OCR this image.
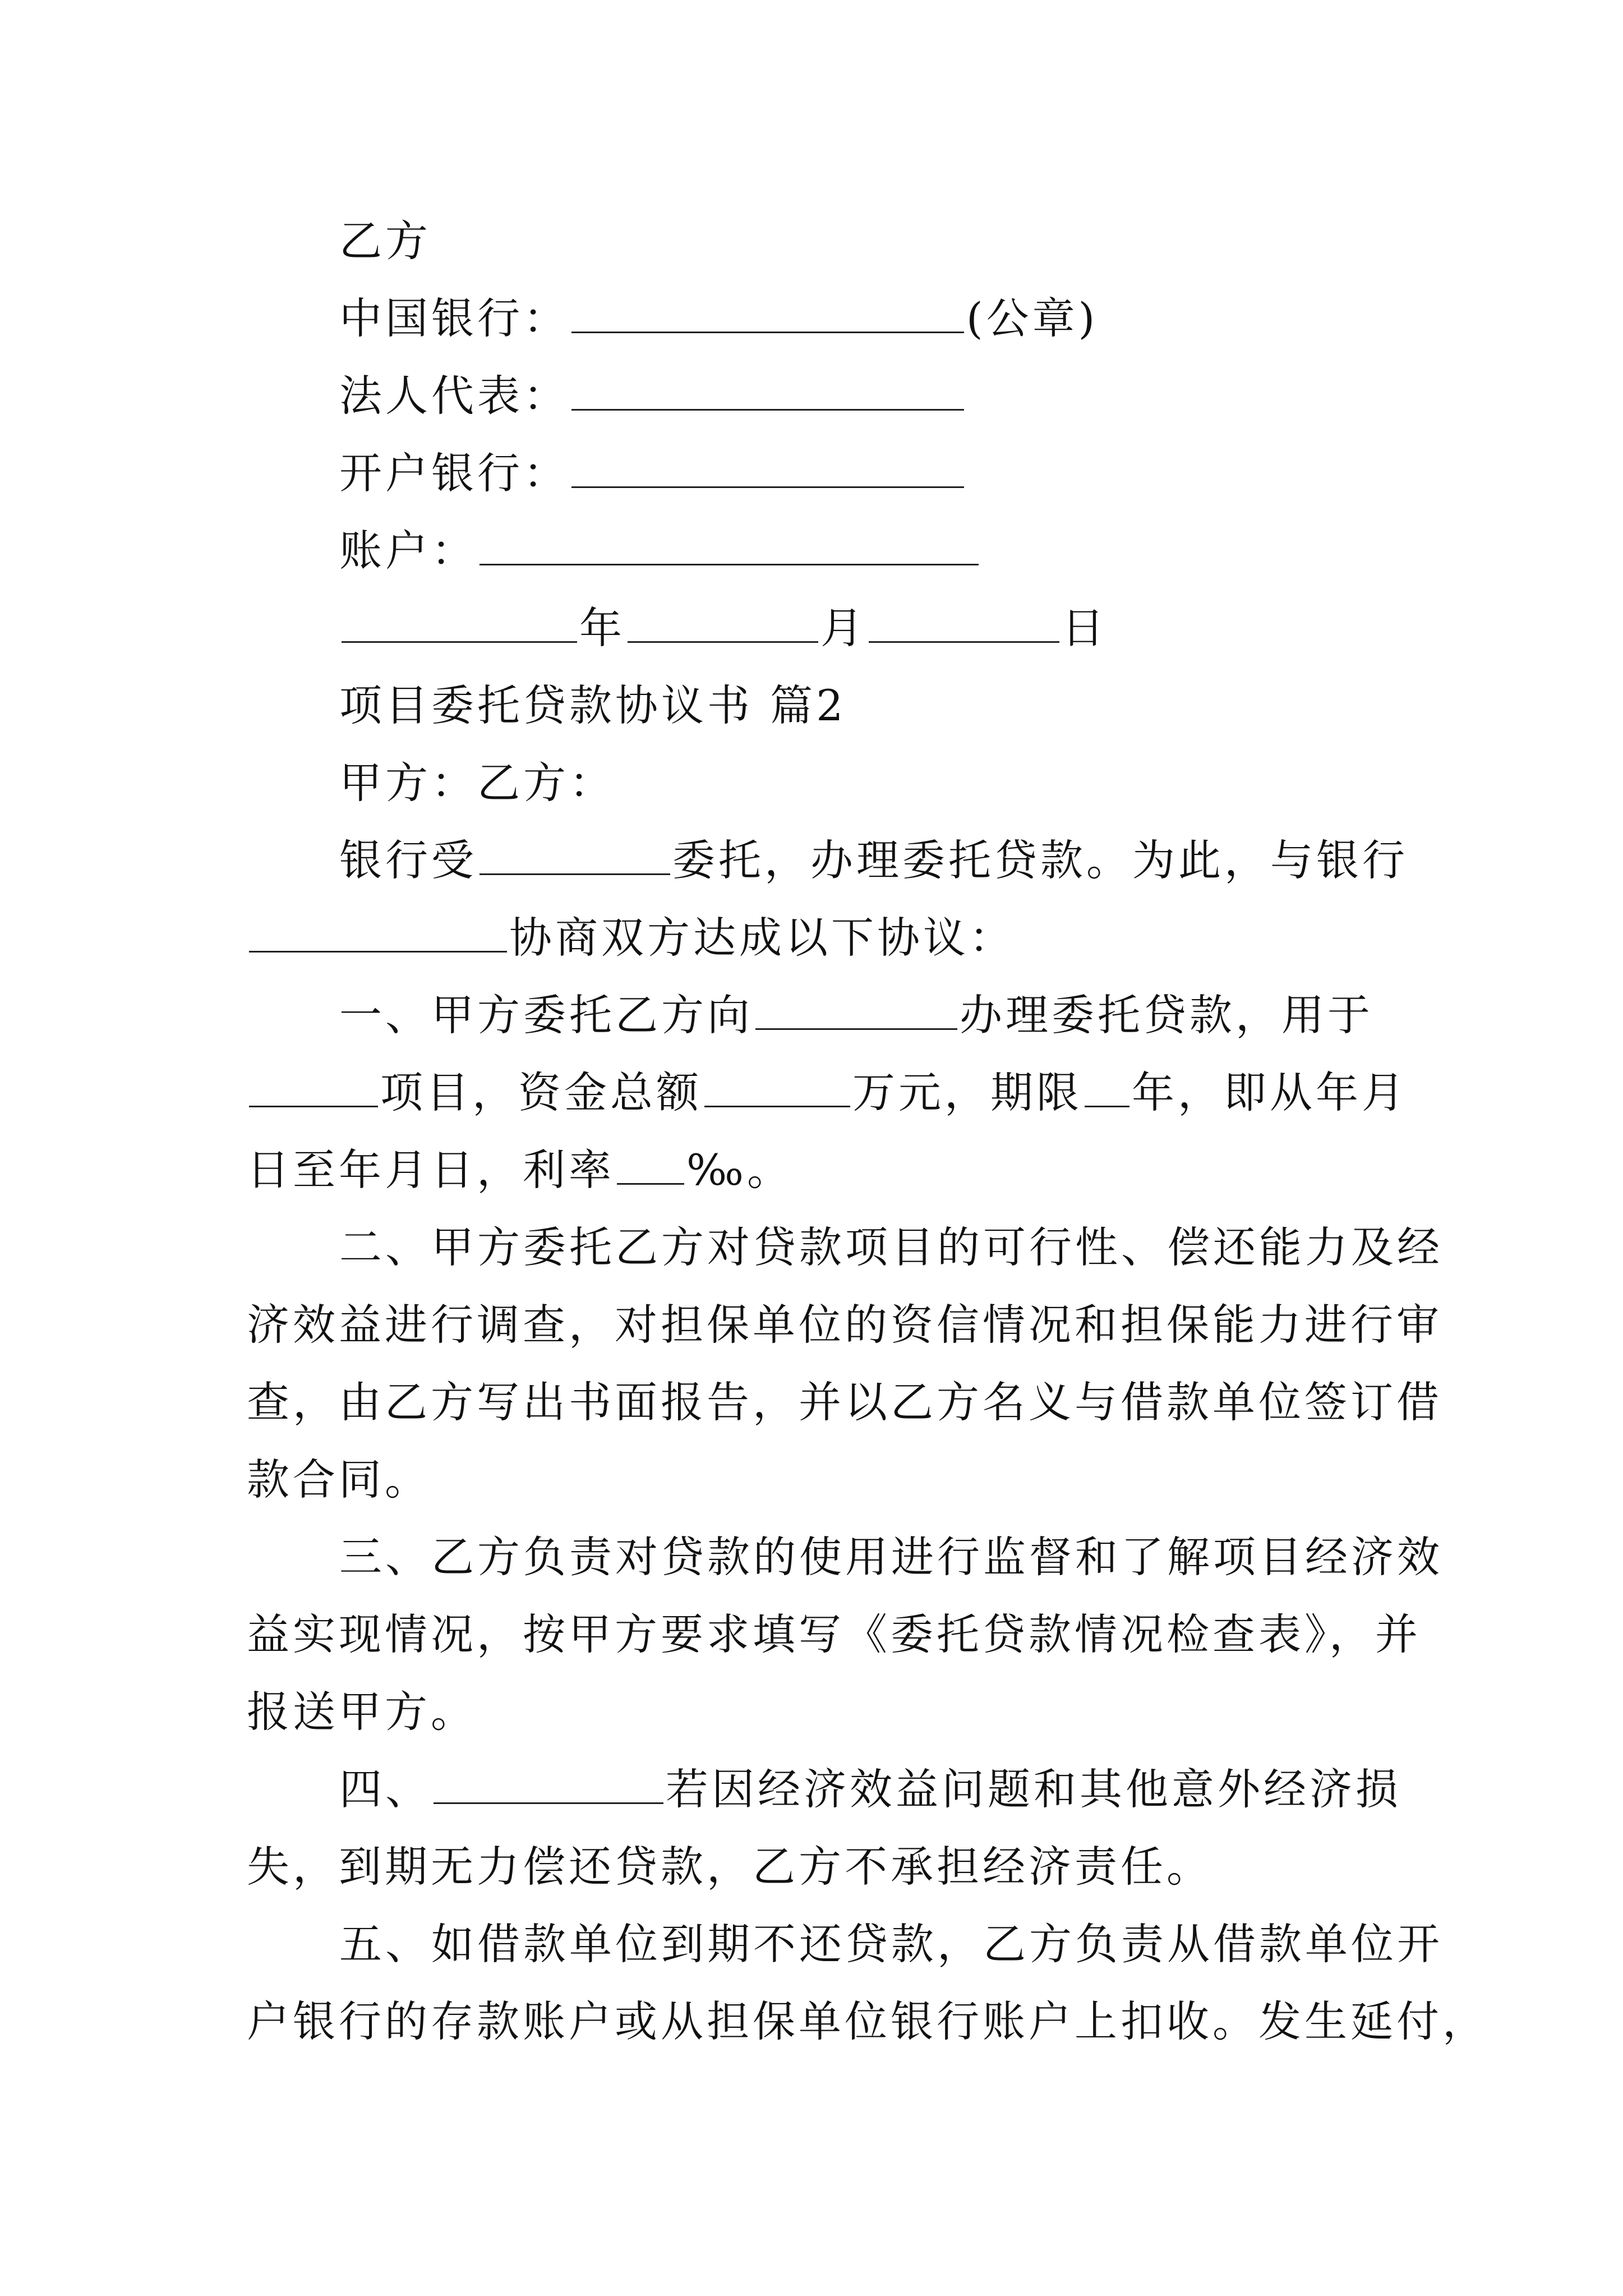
乙方
中国银行：	(公章)
法人代表：
开户银行：
账户：
年	月	日
项目委托贷款协议书 篇2
甲方：乙方：
银行受	委托，办理委托贷款。为此，与银行
协商双方达成以下协议：
一、甲方委托乙方向	办理委托贷款，用于
项目，资金总额	万元，期限 年，即从年月
日至年月日，利率 ‰。
二、甲方委托乙方对贷款项目的可行性、偿还能力及经
济效益进行调查，对担保单位的资信情况和担保能力进行审
查，由乙方写出书面报告，并以乙方名义与借款单位签订借
款合同。
三、乙方负责对贷款的使用进行监督和了解项目经济效
益实现情况，按甲方要求填写《委托贷款情况检查表》，并
报送甲方。
四、	若因经济效益问题和其他意外经济损
失，到期无力偿还贷款，乙方不承担经济责任。
五、如借款单位到期不还贷款，乙方负责从借款单位开
户银行的存款账户或从担保单位银行账户上扣收。发生延付，
